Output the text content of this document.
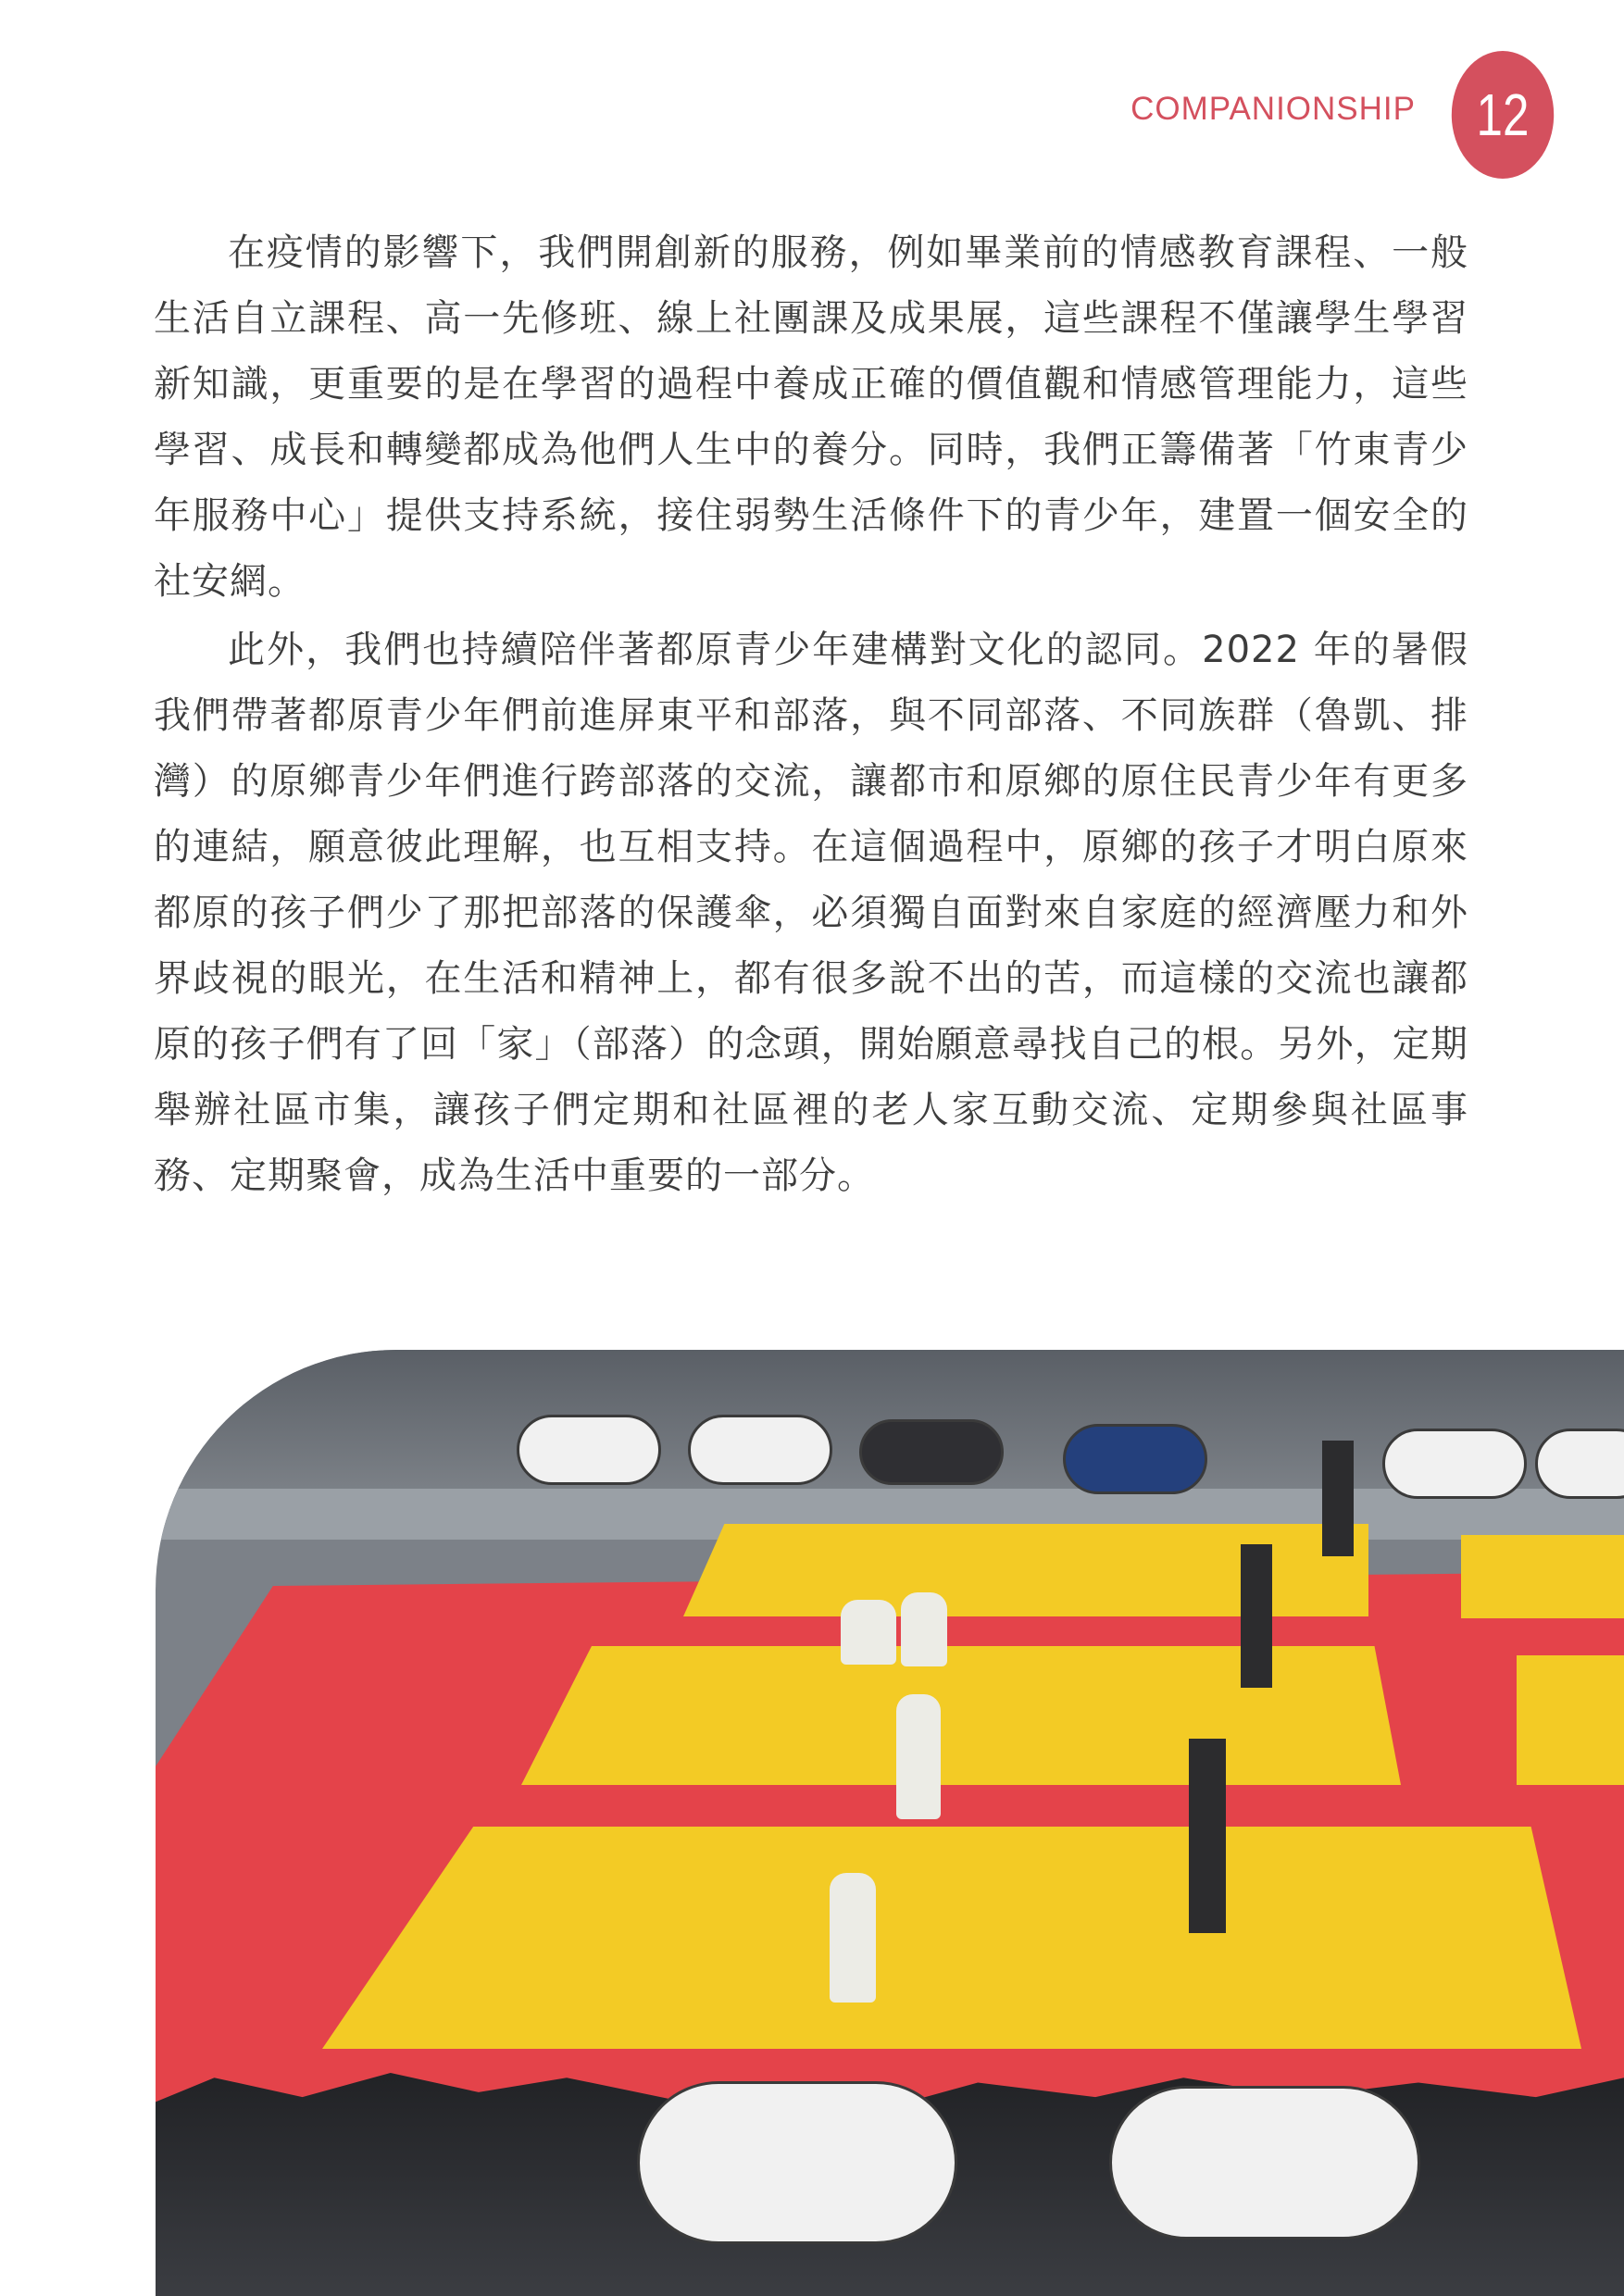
COMPANIONSHIP	12

在疫情的影響下，我們開創新的服務，例如畢業前的情感教育課程、一般生活自立課程、高一先修班、線上社團課及成果展，這些課程不僅讓學生學習新知識，更重要的是在學習的過程中養成正確的價值觀和情感管理能力，這些學習、成長和轉變都成為他們人生中的養分。同時，我們正籌備著「竹東青少年服務中心」提供支持系統，接住弱勢生活條件下的青少年，建置一個安全的社安網。

此外，我們也持續陪伴著都原青少年建構對文化的認同。2022 年的暑假我們帶著都原青少年們前進屏東平和部落，與不同部落、不同族群（魯凱、排灣）的原鄉青少年們進行跨部落的交流，讓都市和原鄉的原住民青少年有更多的連結，願意彼此理解，也互相支持。在這個過程中，原鄉的孩子才明白原來都原的孩子們少了那把部落的保護傘，必須獨自面對來自家庭的經濟壓力和外界歧視的眼光，在生活和精神上，都有很多說不出的苦，而這樣的交流也讓都原的孩子們有了回「家」（部落）的念頭，開始願意尋找自己的根。另外，定期舉辦社區市集，讓孩子們定期和社區裡的老人家互動交流、定期參與社區事務、定期聚會，成為生活中重要的一部分。
